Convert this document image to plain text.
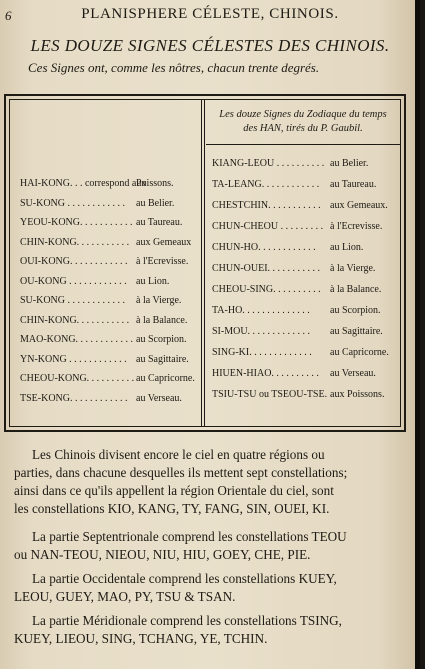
6	PLANISPHERE CÉLESTE, CHINOIS.
LES DOUZE SIGNES CÉLESTES DES CHINOIS.
Ces Signes ont, comme les nôtres, chacun trente degrés.
Les douze Signes du Zodiaque du temps
des HAN, tirés du P. Gaubil.
HAI-KONG. . . correspond aux
Poissons.
SU-KONG . . . . . . . . . . . . au Belier.
YEOU-KONG. . . . . . . . . . . au Taureau.
CHIN-KONG. . . . . . . . . . . aux Gemeaux
OUI-KONG. . . . . . . . . . . . à l'Ecrevisse.
OU-KONG . . . . . . . . . . . . au Lion.
SU-KONG . . . . . . . . . . . . à la Vierge.
CHIN-KONG. . . . . . . . . . . à la Balance.
MAO-KONG. . . . . . . . . . . . au Scorpion.
YN-KONG . . . . . . . . . . . . au Sagittaire.
CHEOU-KONG. . . . . . . . . . au Capricorne.
TSE-KONG. . . . . . . . . . . . au Verseau.
KIANG-LEOU . . . . . . . . . . au Belier.
TA-LEANG. . . . . . . . . . . . au Taureau.
CHESTCHIN. . . . . . . . . . . aux Gemeaux.
CHUN-CHEOU . . . . . . . . . à l'Ecrevisse.
CHUN-HO. . . . . . . . . . . . au Lion.
CHUN-OUEI. . . . . . . . . . . à la Vierge.
CHEOU-SING. . . . . . . . . . à la Balance.
TA-HO. . . . . . . . . . . . . . au Scorpion.
SI-MOU. . . . . . . . . . . . . au Sagittaire.
SING-KI. . . . . . . . . . . . . au Capricorne.
HIUEN-HIAO. . . . . . . . . . au Verseau.
TSIU-TSU ou TSEOU-TSE. aux Poissons.
Les Chinois divisent encore le ciel en quatre régions ou
parties, dans chacune desquelles ils mettent sept constellations;
ainsi dans ce qu'ils appellent la région Orientale du ciel, sont
les constellations KIO, KANG, TY, FANG, SIN, OUEI, KI.
La partie Septentrionale comprend les constellations TEOU
ou NAN-TEOU, NIEOU, NIU, HIU, GOEY, CHE, PIE.
La partie Occidentale comprend les constellations KUEY,
LEOU, GUEY, MAO, PY, TSU & TSAN.
La partie Méridionale comprend les constellations TSING,
KUEY, LIEOU, SING, TCHANG, YE, TCHIN.
